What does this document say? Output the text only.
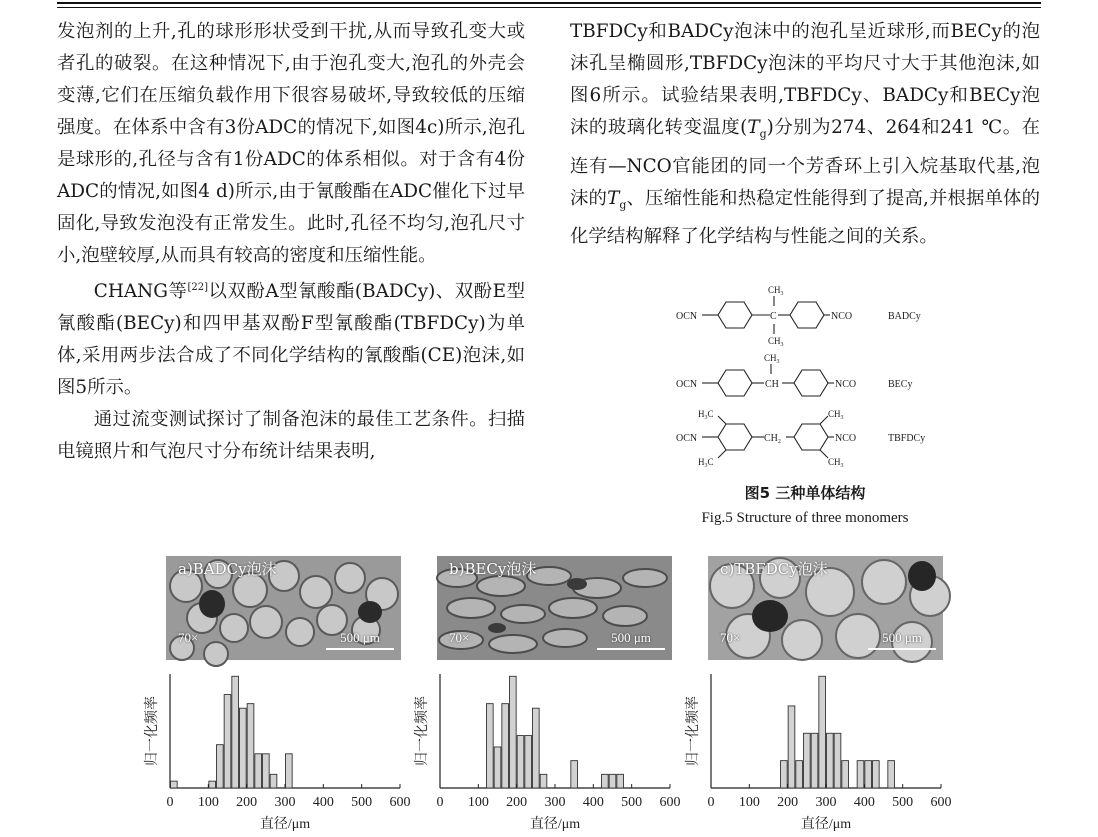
发泡剂的上升,孔的球形形状受到干扰,从而导致孔变大或者孔的破裂。在这种情况下,由于泡孔变大,泡孔的外壳会变薄,它们在压缩负载作用下很容易破坏,导致较低的压缩强度。在体系中含有3份ADC的情况下,如图4c)所示,泡孔是球形的,孔径与含有1份ADC的体系相似。对于含有4份ADC的情况,如图4 d)所示,由于氰酸酯在ADC催化下过早固化,导致发泡没有正常发生。此时,孔径不均匀,泡孔尺寸小,泡壁较厚,从而具有较高的密度和压缩性能。

CHANG等[22]以双酚A型氰酸酯(BADCy)、双酚E型氰酸酯(BECy)和四甲基双酚F型氰酸酯(TBFDCy)为单体,采用两步法合成了不同化学结构的氰酸酯(CE)泡沫,如图5所示。

通过流变测试探讨了制备泡沫的最佳工艺条件。扫描电镜照片和气泡尺寸分布统计结果表明,

TBFDCy和BADCy泡沫中的泡孔呈近球形,而BECy的泡沫孔呈椭圆形,TBFDCy泡沫的平均尺寸大于其他泡沫,如图6所示。试验结果表明,TBFDCy、BADCy和BECy泡沫的玻璃化转变温度$(T_g)$分别为274、264和241 ℃。在连有—NCO官能团的同一个芳香环上引入烷基取代基,泡沫的$T_g$、压缩性能和热稳定性能得到了提高,并根据单体的化学结构解释了化学结构与性能之间的关系。

OCN	C
$CH_3$
$CH_3$
NCO	BADCy
OCN
$CH_3$
CH	NCO	BECy
OCN
$H_3C$
$H_3C$
$CH_2$
$CH_3$
$CH_3$
NCO	TBFDCy
图5 三种单体结构
Fig.5 Structure of three monomers
a)BADCy泡沫
70×	500 μm
b)BECy泡沫
70×	500 μm
c)TBFDCy泡沫
70×	500 μm
0 100 200 300 400 500 600
直径/μm
归一化频率
0 100 200 300 400 500 600
直径/μm
归一化频率
0 100 200 300 400 500 600
直径/μm
归一化频率
